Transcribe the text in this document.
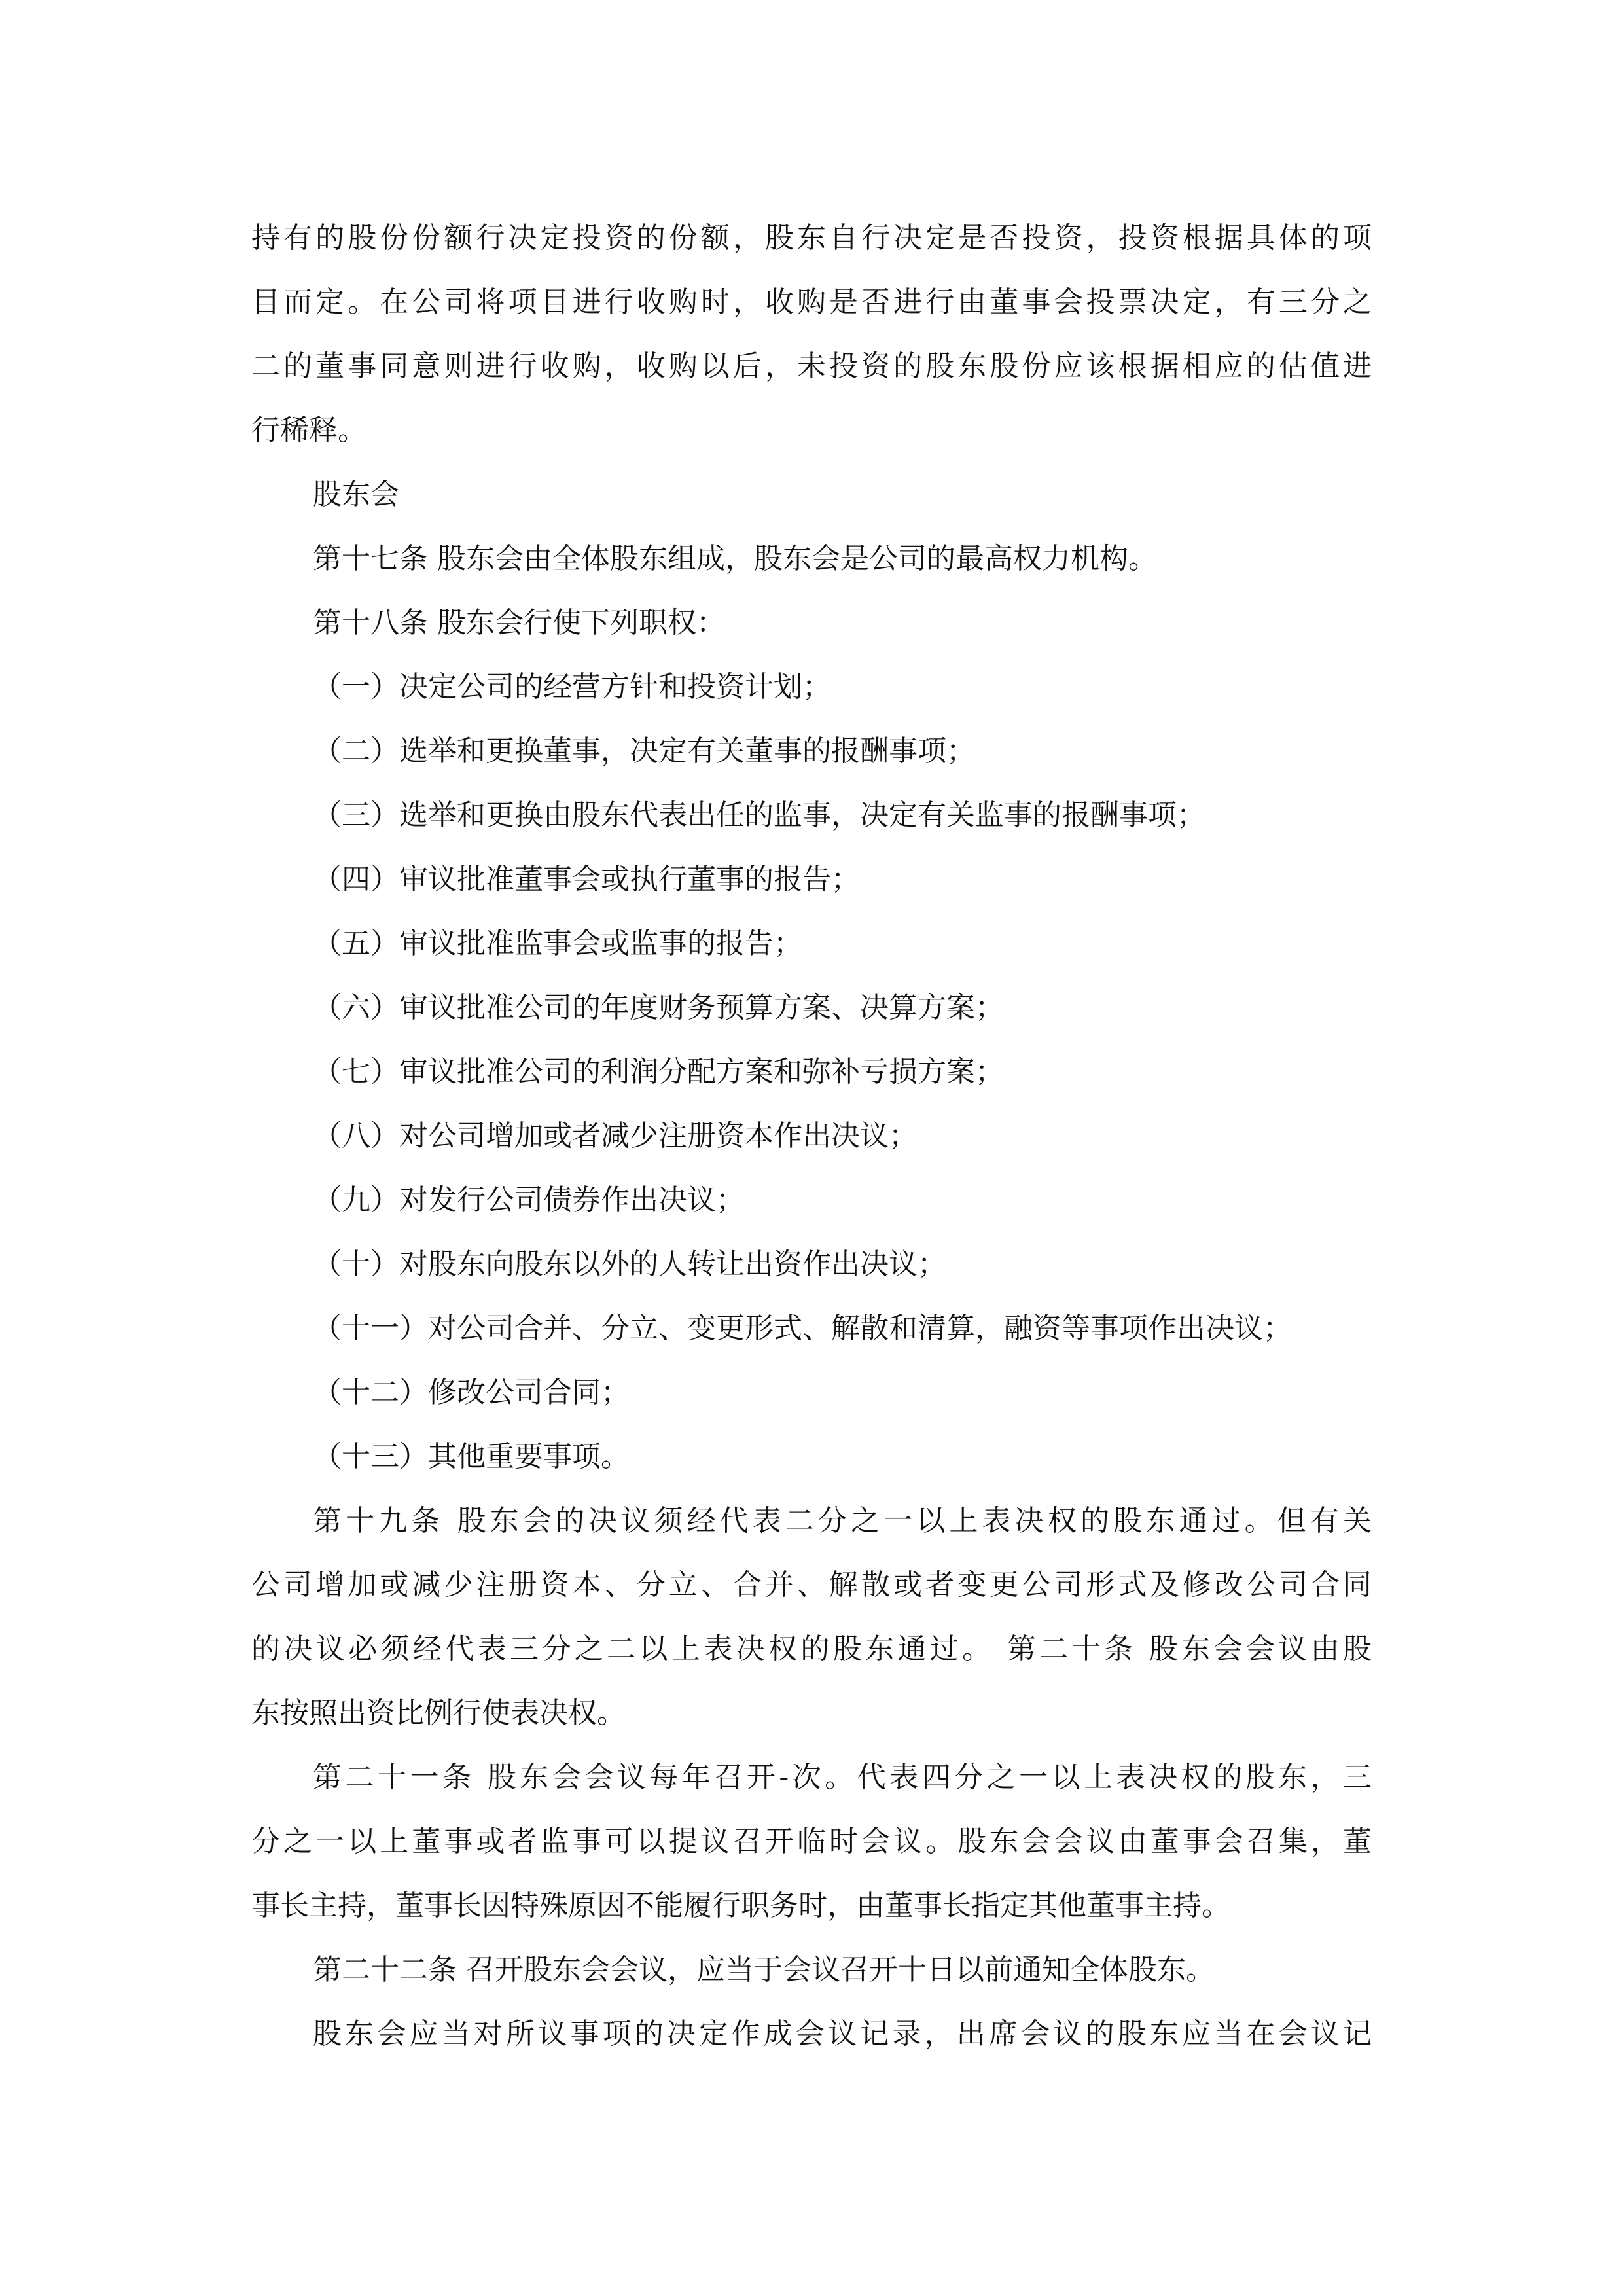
持有的股份份额行决定投资的份额，股东自行决定是否投资，投资根据具体的项
目而定。在公司将项目进行收购时，收购是否进行由董事会投票决定，有三分之
二的董事同意则进行收购，收购以后，未投资的股东股份应该根据相应的估值进
行稀释。
股东会
第十七条 股东会由全体股东组成，股东会是公司的最高权力机构。
第十八条 股东会行使下列职权：
（一）决定公司的经营方针和投资计划；
（二）选举和更换董事，决定有关董事的报酬事项；
（三）选举和更换由股东代表出任的监事，决定有关监事的报酬事项；
（四）审议批准董事会或执行董事的报告；
（五）审议批准监事会或监事的报告；
（六）审议批准公司的年度财务预算方案、决算方案；
（七）审议批准公司的利润分配方案和弥补亏损方案；
（八）对公司增加或者减少注册资本作出决议；
（九）对发行公司债券作出决议；
（十）对股东向股东以外的人转让出资作出决议；
（十一）对公司合并、分立、变更形式、解散和清算，融资等事项作出决议；
（十二）修改公司合同；
（十三）其他重要事项。
第十九条 股东会的决议须经代表二分之一以上表决权的股东通过。但有关
公司增加或减少注册资本、分立、合并、解散或者变更公司形式及修改公司合同
的决议必须经代表三分之二以上表决权的股东通过。 第二十条 股东会会议由股
东按照出资比例行使表决权。
第二十一条 股东会会议每年召开-次。代表四分之一以上表决权的股东，三
分之一以上董事或者监事可以提议召开临时会议。股东会会议由董事会召集，董
事长主持，董事长因特殊原因不能履行职务时，由董事长指定其他董事主持。
第二十二条 召开股东会会议，应当于会议召开十日以前通知全体股东。
股东会应当对所议事项的决定作成会议记录，出席会议的股东应当在会议记
